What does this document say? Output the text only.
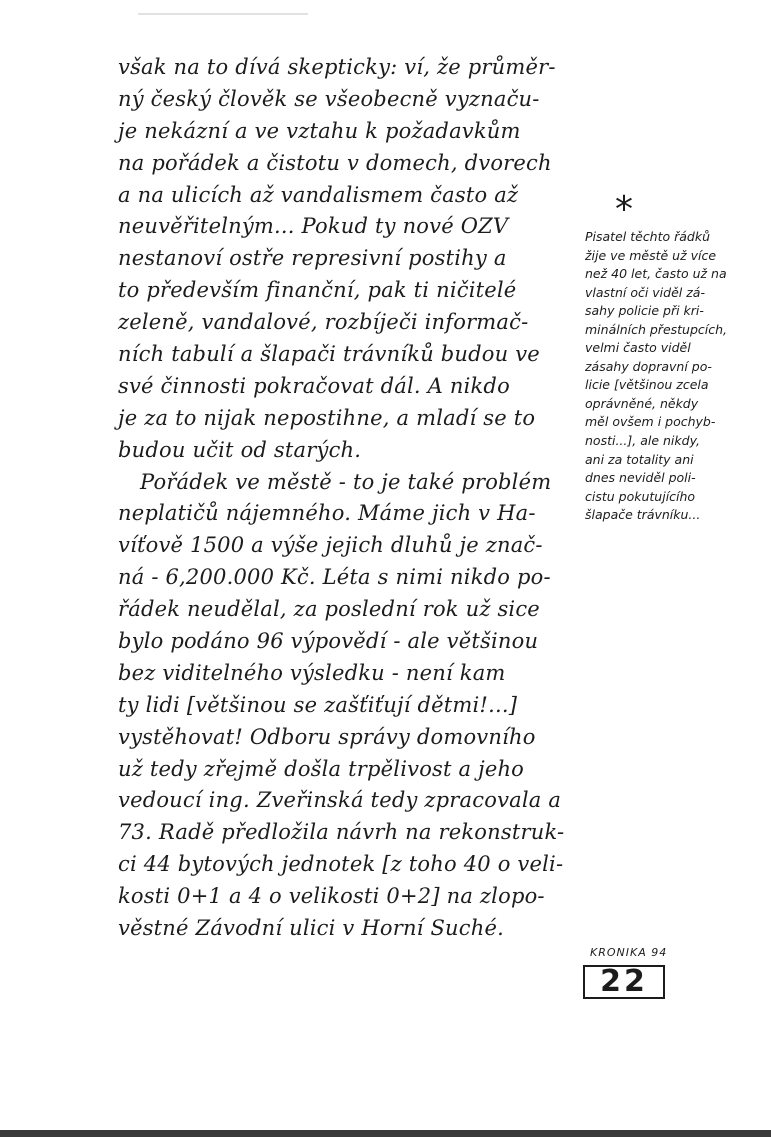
však na to dívá skepticky: ví, že průměr-
ný český člověk se všeobecně vyznaču-
je nekázní a ve vztahu k požadavkům
na pořádek a čistotu v domech, dvorech
a na ulicích až vandalismem často až
neuvěřitelným... Pokud ty nové OZV
nestanoví ostře represivní postihy a
to především finanční, pak ti ničitelé
zeleně, vandalové, rozbíječi informač-
ních tabulí a šlapači trávníků budou ve
své činnosti pokračovat dál. A nikdo
je za to nijak nepostihne, a mladí se to
budou učit od starých.
Pořádek ve městě - to je také problém
neplatičů nájemného. Máme jich v Ha-
víťově 1500 a výše jejich dluhů je znač-
ná - 6,200.000 Kč. Léta s nimi nikdo po-
řádek neudělal, za poslední rok už sice
bylo podáno 96 výpovědí - ale většinou
bez viditelného výsledku - není kam
ty lidi [většinou se zašťiťují dětmi!...]
vystěhovat! Odboru správy domovního
už tedy zřejmě došla trpělivost a jeho
vedoucí ing. Zveřinská tedy zpracovala a
73. Radě předložila návrh na rekonstruk-
ci 44 bytových jednotek [z toho 40 o veli-
kosti 0+1 a 4 o velikosti 0+2] na zlopo-
věstné Závodní ulici v Horní Suché.
*
Pisatel těchto řádků
žije ve městě už více
než 40 let, často už na
vlastní oči viděl zá-
sahy policie při kri-
minálních přestupcích,
velmi často viděl
zásahy dopravní po-
licie [většinou zcela
oprávněné, někdy
měl ovšem i pochyb-
nosti...], ale nikdy,
ani za totality ani
dnes neviděl poli-
cistu pokutujícího
šlapače trávníku...
KRONIKA 94
22
